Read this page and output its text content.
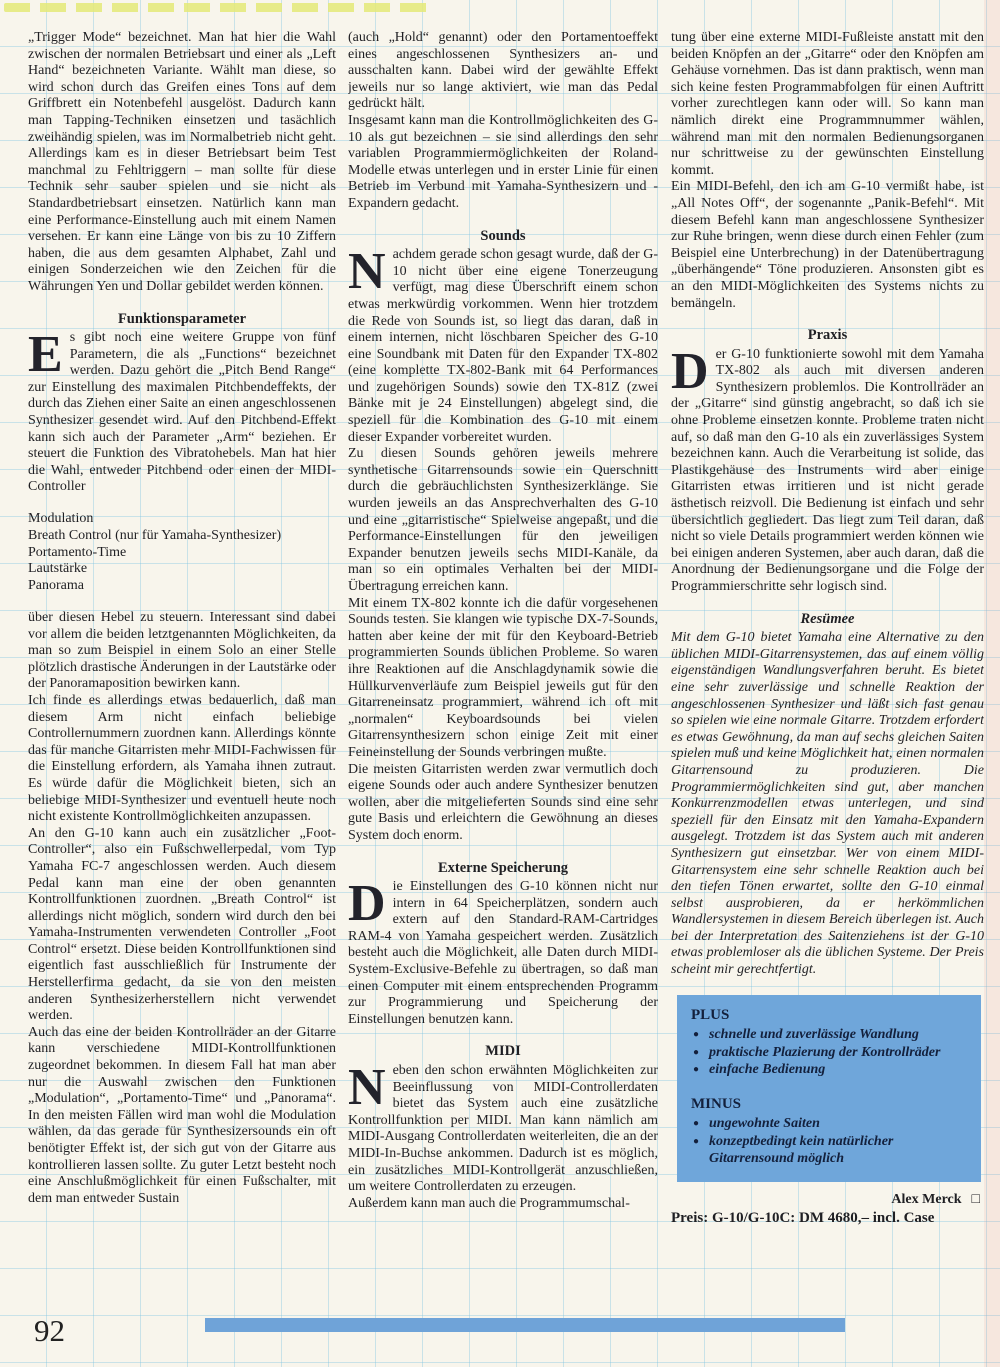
„Trigger Mode“ bezeichnet. Man hat hier die Wahl zwischen der normalen Betriebsart und einer als „Left Hand“ bezeichneten Variante. Wählt man diese, so wird schon durch das Greifen eines Tons auf dem Griffbrett ein Notenbefehl ausgelöst. Dadurch kann man Tapping-Techniken einsetzen und tasächlich zweihändig spielen, was im Normalbetrieb nicht geht. Allerdings kam es in dieser Betriebsart beim Test manchmal zu Fehltriggern – man sollte für diese Technik sehr sauber spielen und sie nicht als Standardbetriebsart einsetzen. Natürlich kann man eine Performance-Einstellung auch mit einem Namen versehen. Er kann eine Länge von bis zu 10 Ziffern haben, die aus dem gesamten Alphabet, Zahl und einigen Sonderzeichen wie den Zeichen für die Währungen Yen und Dollar gebildet werden können.

Funktionsparameter

Es gibt noch eine weitere Gruppe von fünf Parametern, die als „Functions“ bezeichnet werden. Dazu gehört die „Pitch Bend Range“ zur Einstellung des maximalen Pitchbendeffekts, der durch das Ziehen einer Saite an einen angeschlossenen Synthesizer gesendet wird. Auf den Pitchbend-Effekt kann sich auch der Parameter „Arm“ beziehen. Er steuert die Funktion des Vibratohebels. Man hat hier die Wahl, entweder Pitchbend oder einen der MIDI-Controller

Modulation
Breath Control (nur für Yamaha-Synthesizer)
Portamento-Time
Lautstärke
Panorama

über diesen Hebel zu steuern. Interessant sind dabei vor allem die beiden letztgenannten Möglichkeiten, da man so zum Beispiel in einem Solo an einer Stelle plötzlich drastische Änderungen in der Lautstärke oder der Panoramaposition bewirken kann.

Ich finde es allerdings etwas bedauerlich, daß man diesem Arm nicht einfach beliebige Controllernummern zuordnen kann. Allerdings könnte das für manche Gitarristen mehr MIDI-Fachwissen für die Einstellung erfordern, als Yamaha ihnen zutraut. Es würde dafür die Möglichkeit bieten, sich an beliebige MIDI-Synthesizer und eventuell heute noch nicht existente Kontrollmöglichkeiten anzupassen.

An den G-10 kann auch ein zusätzlicher „Foot-Controller“, also ein Fußschwellerpedal, vom Typ Yamaha FC-7 angeschlossen werden. Auch diesem Pedal kann man eine der oben genannten Kontrollfunktionen zuordnen. „Breath Control“ ist allerdings nicht möglich, sondern wird durch den bei Yamaha-Instrumenten verwendeten Controller „Foot Control“ ersetzt. Diese beiden Kontrollfunktionen sind eigentlich fast ausschließlich für Instrumente der Herstellerfirma gedacht, da sie von den meisten anderen Synthesizerherstellern nicht verwendet werden.

Auch das eine der beiden Kontrollräder an der Gitarre kann verschiedene MIDI-Kontrollfunktionen zugeordnet bekommen. In diesem Fall hat man aber nur die Auswahl zwischen den Funktionen „Modulation“, „Portamento-Time“ und „Panorama“. In den meisten Fällen wird man wohl die Modulation wählen, da das gerade für Synthesizersounds ein oft benötigter Effekt ist, der sich gut von der Gitarre aus kontrollieren lassen sollte. Zu guter Letzt besteht noch eine Anschlußmöglichkeit für einen Fußschalter, mit dem man entweder Sustain

(auch „Hold“ genannt) oder den Portamentoeffekt eines angeschlossenen Synthesizers an- und ausschalten kann. Dabei wird der gewählte Effekt jeweils nur so lange aktiviert, wie man das Pedal gedrückt hält.

Insgesamt kann man die Kontrollmöglichkeiten des G-10 als gut bezeichnen – sie sind allerdings den sehr variablen Programmiermöglichkeiten der Roland-Modelle etwas unterlegen und in erster Linie für einen Betrieb im Verbund mit Yamaha-Synthesizern und -Expandern gedacht.

Sounds

Nachdem gerade schon gesagt wurde, daß der G-10 nicht über eine eigene Tonerzeugung verfügt, mag diese Überschrift einem schon etwas merkwürdig vorkommen. Wenn hier trotzdem die Rede von Sounds ist, so liegt das daran, daß in einem internen, nicht löschbaren Speicher des G-10 eine Soundbank mit Daten für den Expander TX-802 (eine komplette TX-802-Bank mit 64 Performances und zugehörigen Sounds) sowie den TX-81Z (zwei Bänke mit je 24 Einstellungen) abgelegt sind, die speziell für die Kombination des G-10 mit einem dieser Expander vorbereitet wurden.

Zu diesen Sounds gehören jeweils mehrere synthetische Gitarrensounds sowie ein Querschnitt durch die gebräuchlichsten Synthesizerklänge. Sie wurden jeweils an das Ansprechverhalten des G-10 und eine „gitarristische“ Spielweise angepaßt, und die Performance-Einstellungen für den jeweiligen Expander benutzen jeweils sechs MIDI-Kanäle, da man so ein optimales Verhalten bei der MIDI-Übertragung erreichen kann.

Mit einem TX-802 konnte ich die dafür vorgesehenen Sounds testen. Sie klangen wie typische DX-7-Sounds, hatten aber keine der mit für den Keyboard-Betrieb programmierten Sounds üblichen Probleme. So waren ihre Reaktionen auf die Anschlagdynamik sowie die Hüllkurvenverläufe zum Beispiel jeweils gut für den Gitarreneinsatz programmiert, während ich oft mit „normalen“ Keyboardsounds bei vielen Gitarrensynthesizern schon einige Zeit mit einer Feineinstellung der Sounds verbringen mußte.

Die meisten Gitarristen werden zwar vermutlich doch eigene Sounds oder auch andere Synthesizer benutzen wollen, aber die mitgelieferten Sounds sind eine sehr gute Basis und erleichtern die Gewöhnung an dieses System doch enorm.

Externe Speicherung

Die Einstellungen des G-10 können nicht nur intern in 64 Speicherplätzen, sondern auch extern auf den Standard-RAM-Cartridges RAM-4 von Yamaha gespeichert werden. Zusätzlich besteht auch die Möglichkeit, alle Daten durch MIDI-System-Exclusive-Befehle zu übertragen, so daß man einen Computer mit einem entsprechenden Programm zur Programmierung und Speicherung der Einstellungen benutzen kann.

MIDI

Neben den schon erwähnten Möglichkeiten zur Beeinflussung von MIDI-Controllerdaten bietet das System auch eine zusätzliche Kontrollfunktion per MIDI. Man kann nämlich am MIDI-Ausgang Controllerdaten weiterleiten, die an der MIDI-In-Buchse ankommen. Dadurch ist es möglich, ein zusätzliches MIDI-Kontrollgerät anzuschließen, um weitere Controllerdaten zu erzeugen.

Außerdem kann man auch die Programmumschal-

tung über eine externe MIDI-Fußleiste anstatt mit den beiden Knöpfen an der „Gitarre“ oder den Knöpfen am Gehäuse vornehmen. Das ist dann praktisch, wenn man sich keine festen Programmabfolgen für einen Auftritt vorher zurechtlegen kann oder will. So kann man nämlich direkt eine Programmnummer wählen, während man mit den normalen Bedienungsorganen nur schrittweise zu der gewünschten Einstellung kommt.

Ein MIDI-Befehl, den ich am G-10 vermißt habe, ist „All Notes Off“, der sogenannte „Panik-Befehl“. Mit diesem Befehl kann man angeschlossene Synthesizer zur Ruhe bringen, wenn diese durch einen Fehler (zum Beispiel eine Unterbrechung) in der Datenübertragung „überhängende“ Töne produzieren. Ansonsten gibt es an den MIDI-Möglichkeiten des Systems nichts zu bemängeln.

Praxis

Der G-10 funktionierte sowohl mit dem Yamaha TX-802 als auch mit diversen anderen Synthesizern problemlos. Die Kontrollräder an der „Gitarre“ sind günstig angebracht, so daß ich sie ohne Probleme einsetzen konnte. Probleme traten nicht auf, so daß man den G-10 als ein zuverlässiges System bezeichnen kann. Auch die Verarbeitung ist solide, das Plastikgehäuse des Instruments wird aber einige Gitarristen etwas irritieren und ist nicht gerade ästhetisch reizvoll. Die Bedienung ist einfach und sehr übersichtlich gegliedert. Das liegt zum Teil daran, daß nicht so viele Details programmiert werden können wie bei einigen anderen Systemen, aber auch daran, daß die Anordnung der Bedienungsorgane und die Folge der Programmierschritte sehr logisch sind.

Resümee

Mit dem G-10 bietet Yamaha eine Alternative zu den üblichen MIDI-Gitarrensystemen, das auf einem völlig eigenständigen Wandlungsverfahren beruht. Es bietet eine sehr zuverlässige und schnelle Reaktion der angeschlossenen Synthesizer und läßt sich fast genau so spielen wie eine normale Gitarre. Trotzdem erfordert es etwas Gewöhnung, da man auf sechs gleichen Saiten spielen muß und keine Möglichkeit hat, einen normalen Gitarrensound zu produzieren. Die Programmiermöglichkeiten sind gut, aber manchen Konkurrenzmodellen etwas unterlegen, und sind speziell für den Einsatz mit den Yamaha-Expandern ausgelegt. Trotzdem ist das System auch mit anderen Synthesizern gut einsetzbar. Wer von einem MIDI-Gitarrensystem eine sehr schnelle Reaktion auch bei den tiefen Tönen erwartet, sollte den G-10 einmal selbst ausprobieren, da er herkömmlichen Wandlersystemen in diesem Bereich überlegen ist. Auch bei der Interpretation des Saitenziehens ist der G-10 etwas problemloser als die üblichen Systeme. Der Preis scheint mir gerechtfertigt.

PLUS
● schnelle und zuverlässige Wandlung
● praktische Plazierung der Kontrollräder
● einfache Bedienung
MINUS
● ungewohnte Saiten
● konzeptbedingt kein natürlicher Gitarrensound möglich
Alex Merck □
Preis: G-10/G-10C: DM 4680,– incl. Case
92
